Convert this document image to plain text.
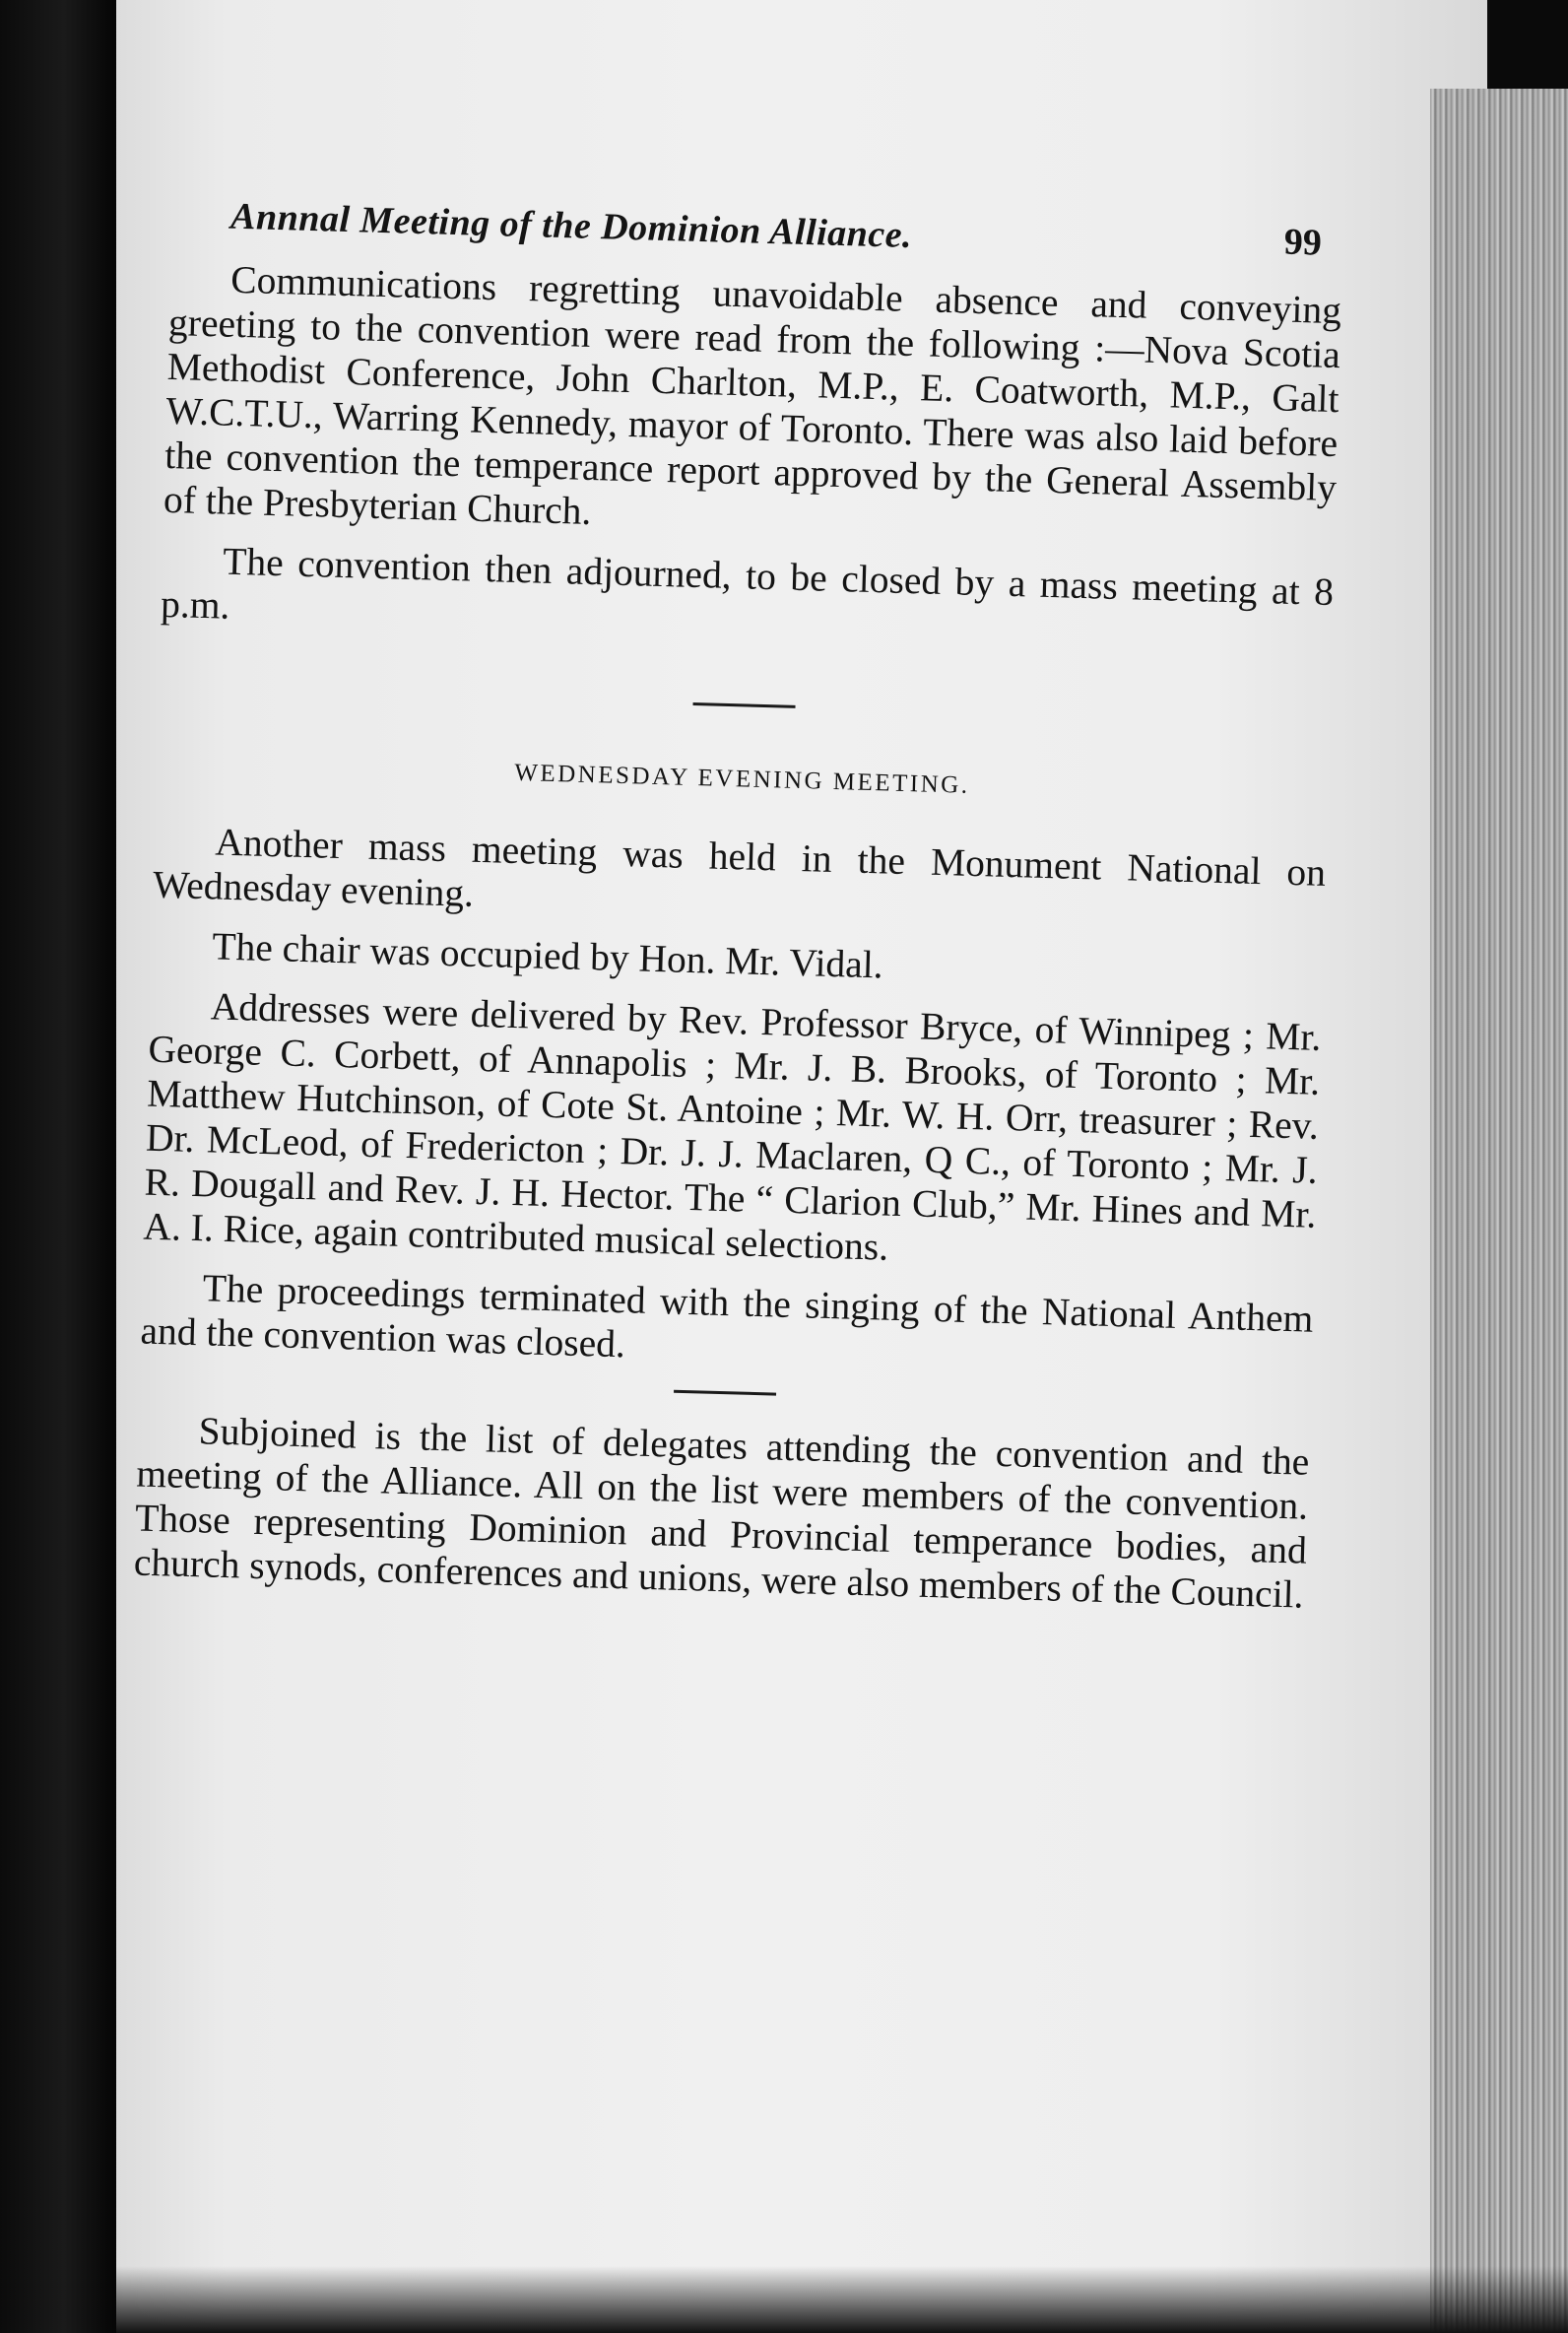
Annnal Meeting of the Dominion Alliance.	99

Communications regretting unavoidable absence and conveying greeting to the convention were read from the following :—Nova Scotia Methodist Conference, John Charlton, M.P., E. Coatworth, M.P., Galt W.C.T.U., Warring Kennedy, mayor of Toronto. There was also laid before the convention the temperance report approved by the General Assembly of the Presbyterian Church.

The convention then adjourned, to be closed by a mass meeting at 8 p.m.

WEDNESDAY EVENING MEETING.

Another mass meeting was held in the Monument National on Wednesday evening.

The chair was occupied by Hon. Mr. Vidal.

Addresses were delivered by Rev. Professor Bryce, of Winnipeg ; Mr. George C. Corbett, of Annapolis ; Mr. J. B. Brooks, of Toronto ; Mr. Matthew Hutchinson, of Cote St. Antoine ; Mr. W. H. Orr, treasurer ; Rev. Dr. McLeod, of Fredericton ; Dr. J. J. Maclaren, Q C., of Toronto ; Mr. J. R. Dougall and Rev. J. H. Hector. The “ Clarion Club,” Mr. Hines and Mr. A. I. Rice, again contributed musical selections.

The proceedings terminated with the singing of the National Anthem and the convention was closed.

Subjoined is the list of delegates attending the convention and the meeting of the Alliance. All on the list were members of the convention. Those representing Dominion and Provincial temperance bodies, and church synods, conferences and unions, were also members of the Council.
